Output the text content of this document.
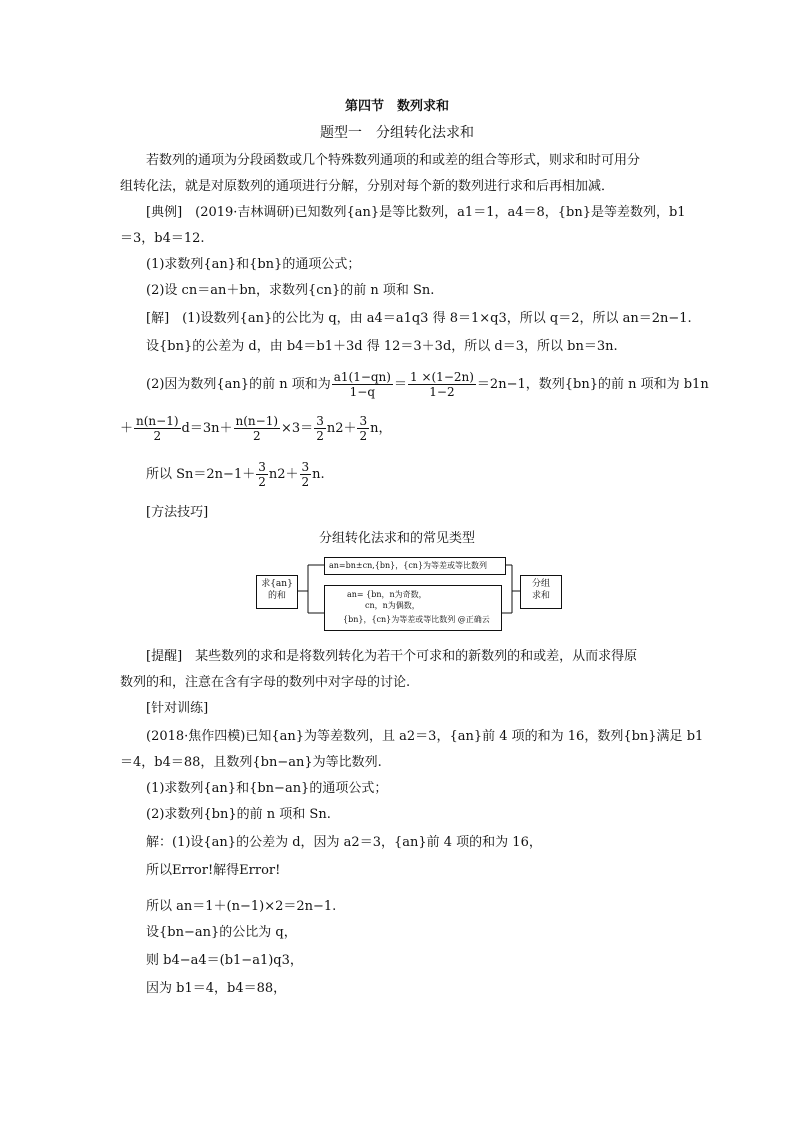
第四节　数列求和
题型一　分组转化法求和
若数列的通项为分段函数或几个特殊数列通项的和或差的组合等形式，则求和时可用分
组转化法，就是对原数列的通项进行分解，分别对每个新的数列进行求和后再相加减．
[典例]　(2019·吉林调研)已知数列{an}是等比数列，a1＝1，a4＝8，{bn}是等差数列，b1
＝3，b4＝12.
(1)求数列{an}和{bn}的通项公式；
(2)设 cn＝an＋bn，求数列{cn}的前 n 项和 Sn.
[解]　(1)设数列{an}的公比为 q，由 a4＝a1q3 得 8＝1×q3，所以 q＝2，所以 an＝2n−1.
设{bn}的公差为 d，由 b4＝b1＋3d 得 12＝3＋3d，所以 d＝3，所以 bn＝3n.
(2)因为数列{an}的前 n 项和为 $\frac{a1(1-qn)}{1-q} = \frac{1 \times(1-2n)}{1-2} =2n-1$，数列{bn}的前 n 项和为 b1n
＋ $\frac{n(n-1)}{2} d=3n+ \frac{n(n-1)}{2} \times 3= \frac{3}{2} n2+ \frac{3}{2}$ n，
所以 $Sn=2n-1+ \frac{3}{2} n2+ \frac{3}{2} n$.
[方法技巧]
分组转化法求和的常见类型
求{an}
的和
an=bn±cn,{bn}，{cn}为等差或等比数列
an= {bn，n为奇数，
cn，n为偶数，
{bn}，{cn}为等差或等比数列 @正确云
分组
求和
[提醒]　某些数列的求和是将数列转化为若干个可求和的新数列的和或差，从而求得原
数列的和，注意在含有字母的数列中对字母的讨论.
[针对训练]
(2018·焦作四模)已知{an}为等差数列，且 a2＝3，{an}前 4 项的和为 16，数列{bn}满足 b1
＝4，b4＝88，且数列{bn−an}为等比数列.
(1)求数列{an}和{bn−an}的通项公式；
(2)求数列{bn}的前 n 项和 Sn.
解：(1)设{an}的公差为 d，因为 a2＝3，{an}前 4 项的和为 16，
所以Error!解得Error!
所以 an＝1＋(n−1)×2＝2n−1.
设{bn−an}的公比为 q，
则 b4−a4＝(b1−a1)q3，
因为 b1＝4，b4＝88，
